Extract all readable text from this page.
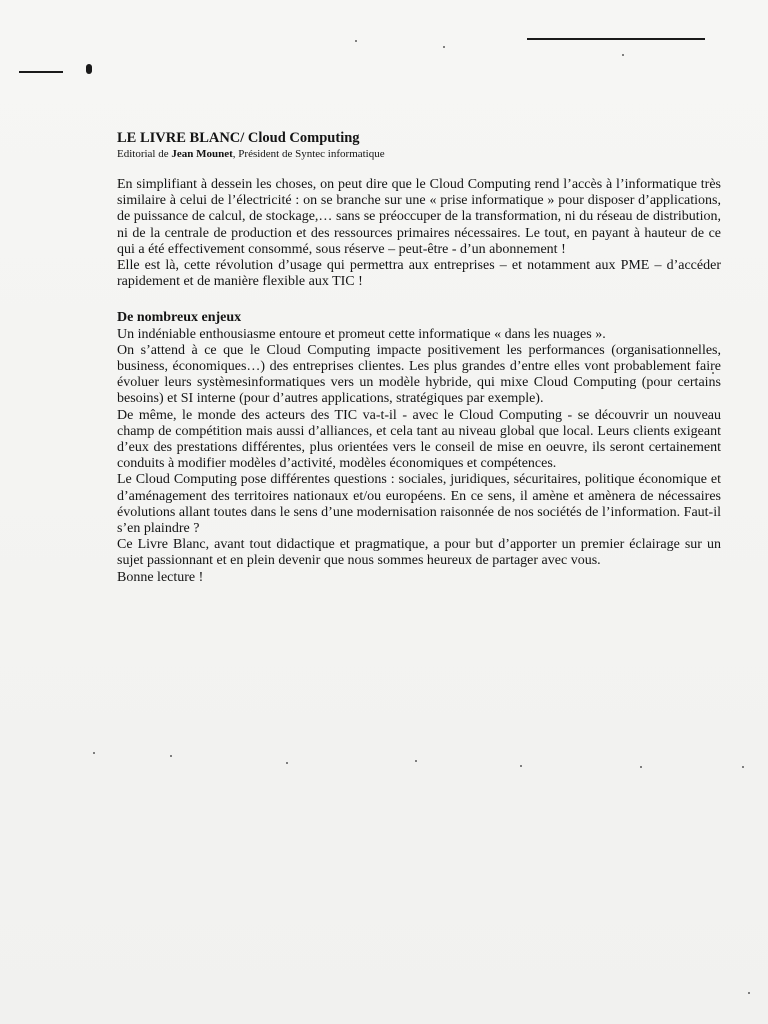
LE LIVRE BLANC/ Cloud Computing

Editorial de Jean Mounet, Président de Syntec informatique

En simplifiant à dessein les choses, on peut dire que le Cloud Computing rend l’accès à l’informatique très similaire à celui de l’électricité : on se branche sur une « prise informatique » pour disposer d’applications, de puissance de calcul, de stockage,… sans se préoccuper de la transformation, ni du réseau de distribution, ni de la centrale de production et des ressources primaires nécessaires. Le tout, en payant à hauteur de ce qui a été effectivement consommé, sous réserve – peut-être - d’un abonnement !

Elle est là, cette révolution d’usage qui permettra aux entreprises – et notamment aux PME – d’accéder rapidement et de manière flexible aux TIC !

De nombreux enjeux

Un indéniable enthousiasme entoure et promeut cette informatique « dans les nuages ».

On s’attend à ce que le Cloud Computing impacte positivement les performances (organisationnelles, business, économiques…) des entreprises clientes. Les plus grandes d’entre elles vont probablement faire évoluer leurs systèmesinformatiques vers un modèle hybride, qui mixe Cloud Computing (pour certains besoins) et SI interne (pour d’autres applications, stratégiques par exemple).

De même, le monde des acteurs des TIC va-t-il - avec le Cloud Computing - se découvrir un nouveau champ de compétition mais aussi d’alliances, et cela tant au niveau global que local. Leurs clients exigeant d’eux des prestations différentes, plus orientées vers le conseil de mise en oeuvre, ils seront certainement conduits à modifier modèles d’activité, modèles économiques et compétences.

Le Cloud Computing pose différentes questions : sociales, juridiques, sécuritaires, politique économique et d’aménagement des territoires nationaux et/ou européens. En ce sens, il amène et amènera de nécessaires évolutions allant toutes dans le sens d’une modernisation raisonnée de nos sociétés de l’information. Faut-il s’en plaindre ?

Ce Livre Blanc, avant tout didactique et pragmatique, a pour but d’apporter un premier éclairage sur un sujet passionnant et en plein devenir que nous sommes heureux de partager avec vous.

Bonne lecture !
